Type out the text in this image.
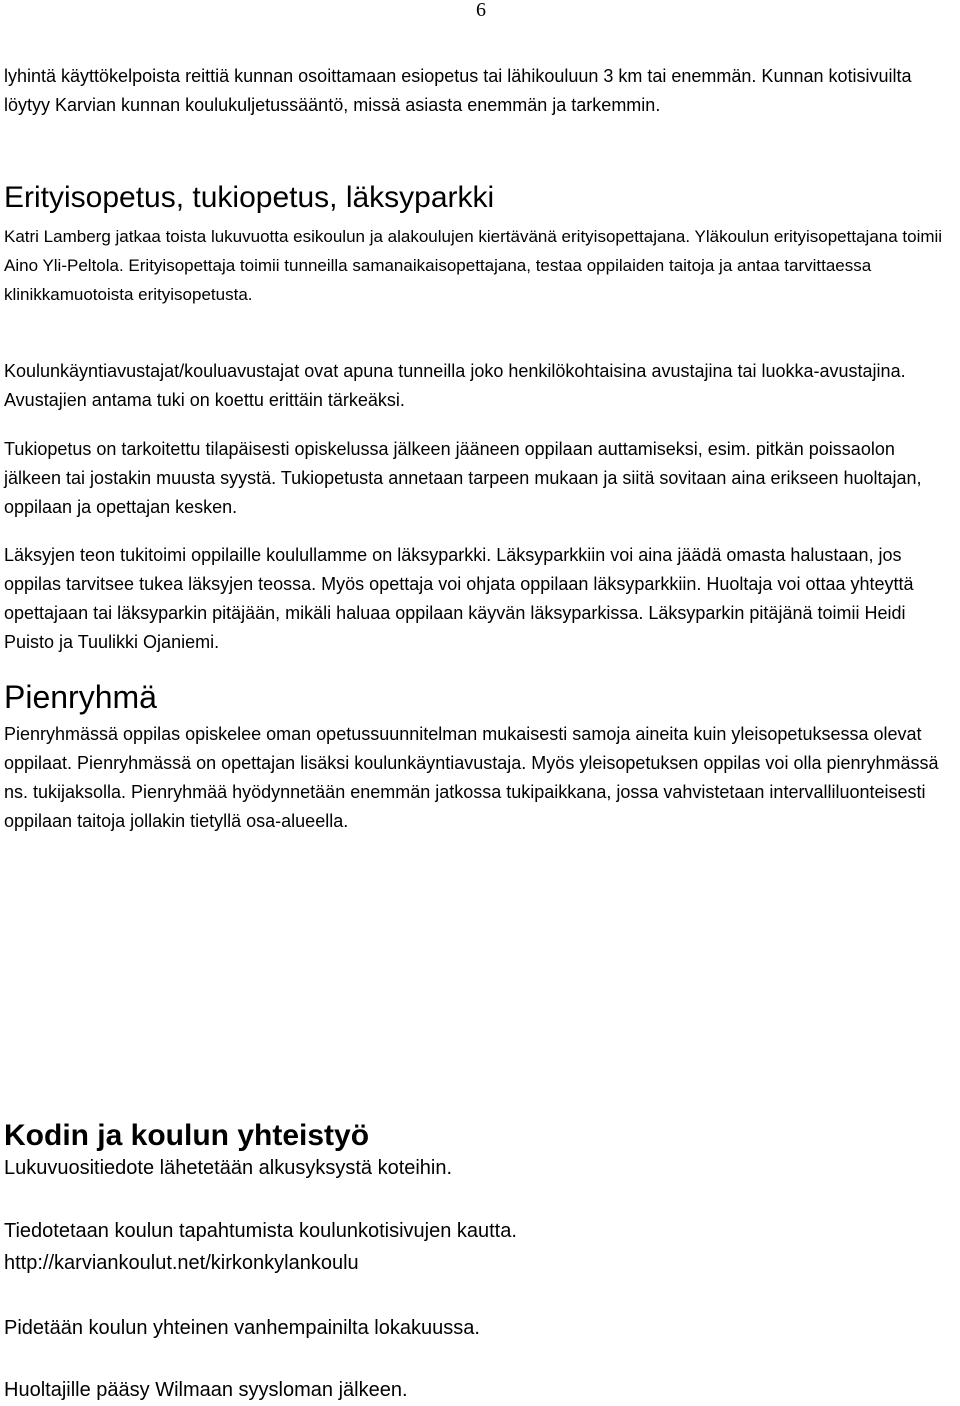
6

lyhintä käyttökelpoista reittiä kunnan osoittamaan esiopetus tai lähikouluun 3 km tai enemmän. Kunnan kotisivuilta löytyy Karvian kunnan koulukuljetussääntö, missä asiasta enemmän ja tarkemmin.

Erityisopetus, tukiopetus, läksyparkki

Katri Lamberg jatkaa toista lukuvuotta esikoulun ja alakoulujen kiertävänä erityisopettajana. Yläkoulun erityisopettajana toimii Aino Yli-Peltola. Erityisopettaja toimii tunneilla samanaikaisopettajana, testaa oppilaiden taitoja ja antaa tarvittaessa klinikkamuotoista erityisopetusta.

Koulunkäyntiavustajat/kouluavustajat ovat apuna tunneilla joko henkilökohtaisina avustajina tai luokka-avustajina. Avustajien antama tuki on koettu erittäin tärkeäksi.

Tukiopetus on tarkoitettu tilapäisesti opiskelussa jälkeen jääneen oppilaan auttamiseksi, esim. pitkän poissaolon jälkeen tai jostakin muusta syystä. Tukiopetusta annetaan tarpeen mukaan ja siitä sovitaan aina erikseen huoltajan, oppilaan ja opettajan kesken.

Läksyjen teon tukitoimi oppilaille koulullamme on läksyparkki. Läksyparkkiin voi aina jäädä omasta halustaan, jos oppilas tarvitsee tukea läksyjen teossa. Myös opettaja voi ohjata oppilaan läksyparkkiin. Huoltaja voi ottaa yhteyttä opettajaan tai läksyparkin pitäjään, mikäli haluaa oppilaan käyvän läksyparkissa. Läksyparkin pitäjänä toimii Heidi Puisto ja Tuulikki Ojaniemi.

Pienryhmä

Pienryhmässä oppilas opiskelee oman opetussuunnitelman mukaisesti samoja aineita kuin yleisopetuksessa olevat oppilaat. Pienryhmässä on opettajan lisäksi koulunkäyntiavustaja. Myös yleisopetuksen oppilas voi olla pienryhmässä ns. tukijaksolla. Pienryhmää hyödynnetään enemmän jatkossa tukipaikkana, jossa vahvistetaan intervalliluonteisesti oppilaan taitoja jollakin tietyllä osa-alueella.

Kodin ja koulun yhteistyö

Lukuvuositiedote lähetetään alkusyksystä koteihin.

Tiedotetaan koulun tapahtumista koulunkotisivujen kautta.

http://karviankoulut.net/kirkonkylankoulu

Pidetään koulun yhteinen vanhempainilta lokakuussa.

Huoltajille pääsy Wilmaan syysloman jälkeen.
